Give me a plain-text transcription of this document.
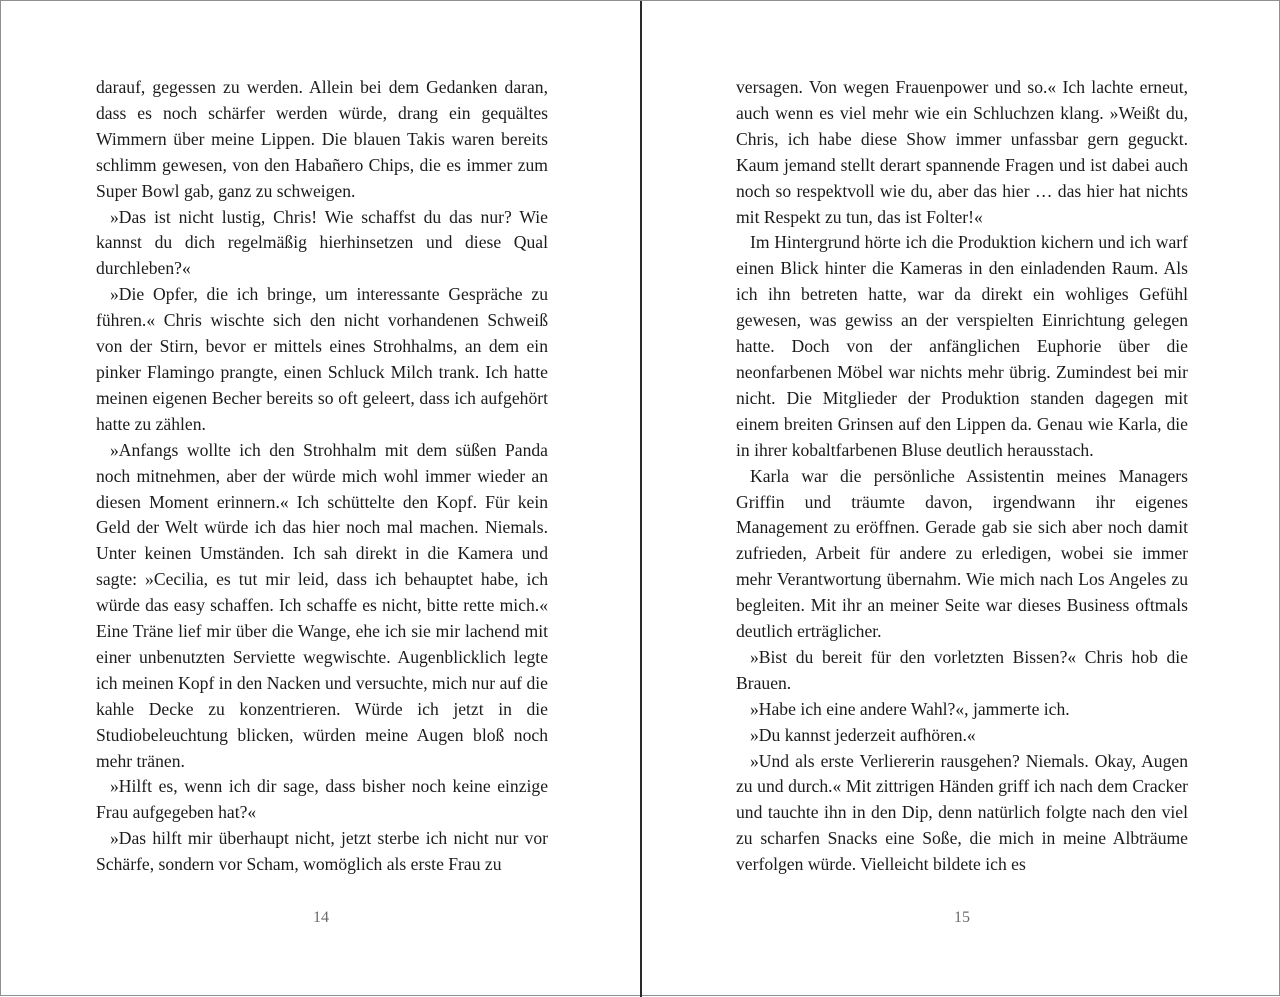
darauf, gegessen zu werden. Allein bei dem Gedanken daran, dass es noch schärfer werden würde, drang ein gequältes Wimmern über meine Lippen. Die blauen Takis waren bereits schlimm gewesen, von den Habañero Chips, die es immer zum Super Bowl gab, ganz zu schweigen.

»Das ist nicht lustig, Chris! Wie schaffst du das nur? Wie kannst du dich regelmäßig hierhinsetzen und diese Qual durchleben?«

»Die Opfer, die ich bringe, um interessante Gespräche zu führen.« Chris wischte sich den nicht vorhandenen Schweiß von der Stirn, bevor er mittels eines Strohhalms, an dem ein pinker Flamingo prangte, einen Schluck Milch trank. Ich hatte meinen eigenen Becher bereits so oft geleert, dass ich aufgehört hatte zu zählen.

»Anfangs wollte ich den Strohhalm mit dem süßen Panda noch mitnehmen, aber der würde mich wohl immer wieder an diesen Moment erinnern.« Ich schüttelte den Kopf. Für kein Geld der Welt würde ich das hier noch mal machen. Niemals. Unter keinen Umständen. Ich sah direkt in die Kamera und sagte: »Cecilia, es tut mir leid, dass ich behauptet habe, ich würde das easy schaffen. Ich schaffe es nicht, bitte rette mich.« Eine Träne lief mir über die Wange, ehe ich sie mir lachend mit einer unbenutzten Serviette wegwischte. Augenblicklich legte ich meinen Kopf in den Nacken und versuchte, mich nur auf die kahle Decke zu konzentrieren. Würde ich jetzt in die Studiobeleuchtung blicken, würden meine Augen bloß noch mehr tränen.

»Hilft es, wenn ich dir sage, dass bisher noch keine einzige Frau aufgegeben hat?«

»Das hilft mir überhaupt nicht, jetzt sterbe ich nicht nur vor Schärfe, sondern vor Scham, womöglich als erste Frau zu

14

versagen. Von wegen Frauenpower und so.« Ich lachte erneut, auch wenn es viel mehr wie ein Schluchzen klang. »Weißt du, Chris, ich habe diese Show immer unfassbar gern geguckt. Kaum jemand stellt derart spannende Fragen und ist dabei auch noch so respektvoll wie du, aber das hier … das hier hat nichts mit Respekt zu tun, das ist Folter!«

Im Hintergrund hörte ich die Produktion kichern und ich warf einen Blick hinter die Kameras in den einladenden Raum. Als ich ihn betreten hatte, war da direkt ein wohliges Gefühl gewesen, was gewiss an der verspielten Einrichtung gelegen hatte. Doch von der anfänglichen Euphorie über die neonfarbenen Möbel war nichts mehr übrig. Zumindest bei mir nicht. Die Mitglieder der Produktion standen dagegen mit einem breiten Grinsen auf den Lippen da. Genau wie Karla, die in ihrer kobaltfarbenen Bluse deutlich herausstach.

Karla war die persönliche Assistentin meines Managers Griffin und träumte davon, irgendwann ihr eigenes Management zu eröffnen. Gerade gab sie sich aber noch damit zufrieden, Arbeit für andere zu erledigen, wobei sie immer mehr Verantwortung übernahm. Wie mich nach Los Angeles zu begleiten. Mit ihr an meiner Seite war dieses Business oftmals deutlich erträglicher.

»Bist du bereit für den vorletzten Bissen?« Chris hob die Brauen.

»Habe ich eine andere Wahl?«, jammerte ich.

»Du kannst jederzeit aufhören.«

»Und als erste Verliererin rausgehen? Niemals. Okay, Augen zu und durch.« Mit zittrigen Händen griff ich nach dem Cracker und tauchte ihn in den Dip, denn natürlich folgte nach den viel zu scharfen Snacks eine Soße, die mich in meine Albträume verfolgen würde. Vielleicht bildete ich es

15
